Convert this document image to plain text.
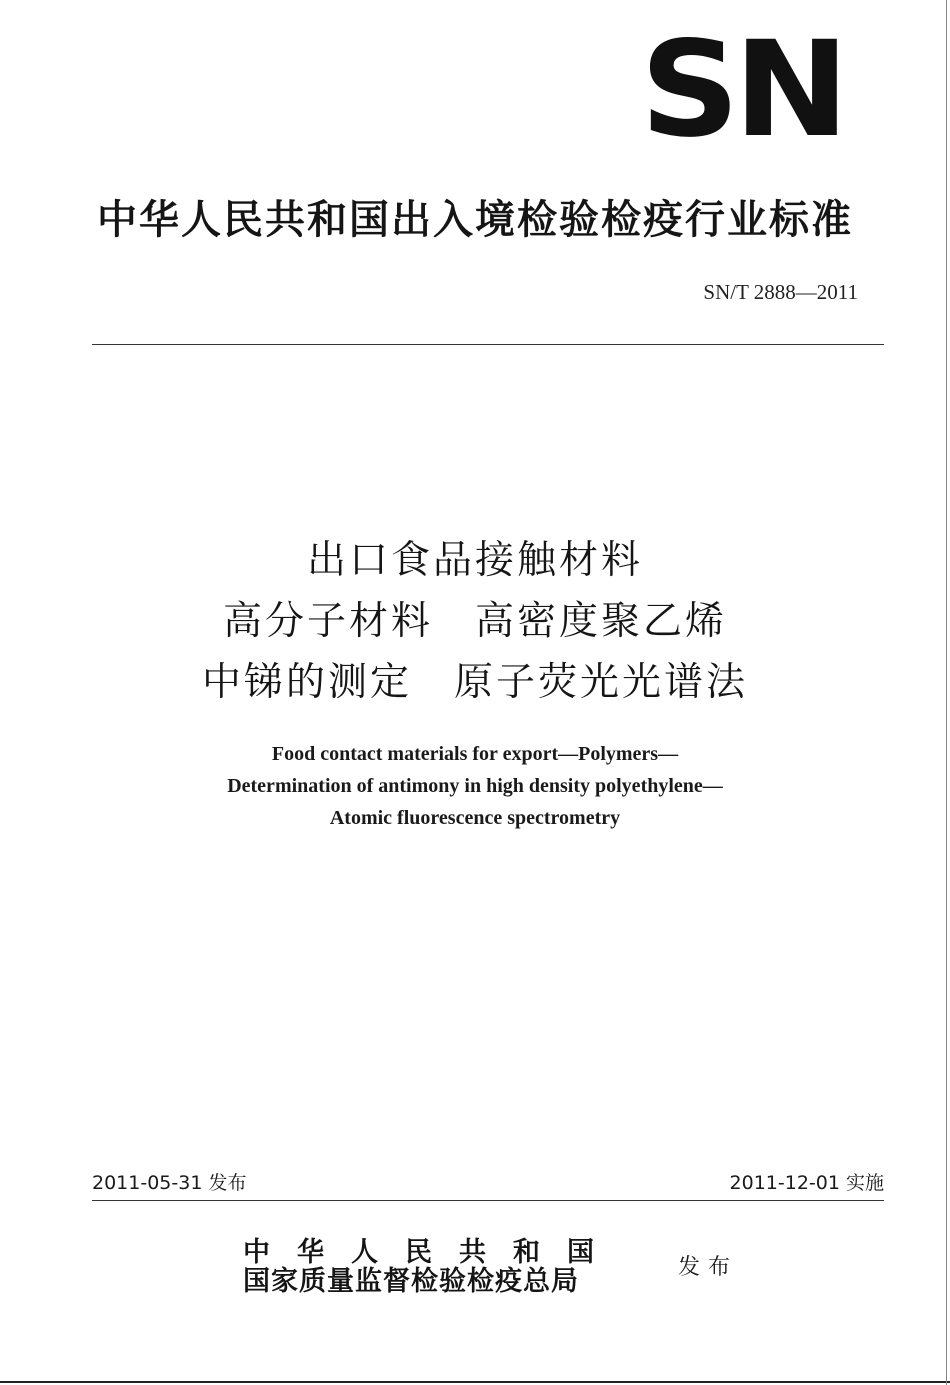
SN
中华人民共和国出入境检验检疫行业标准
SN/T 2888—2011
出口食品接触材料
高分子材料　高密度聚乙烯
中锑的测定　原子荧光光谱法
Food contact materials for export—Polymers—
Determination of antimony in high density polyethylene—
Atomic fluorescence spectrometry
2011-05-31 发布	2011-12-01 实施
中华人民共和国
国家质量监督检验检疫总局	发布
